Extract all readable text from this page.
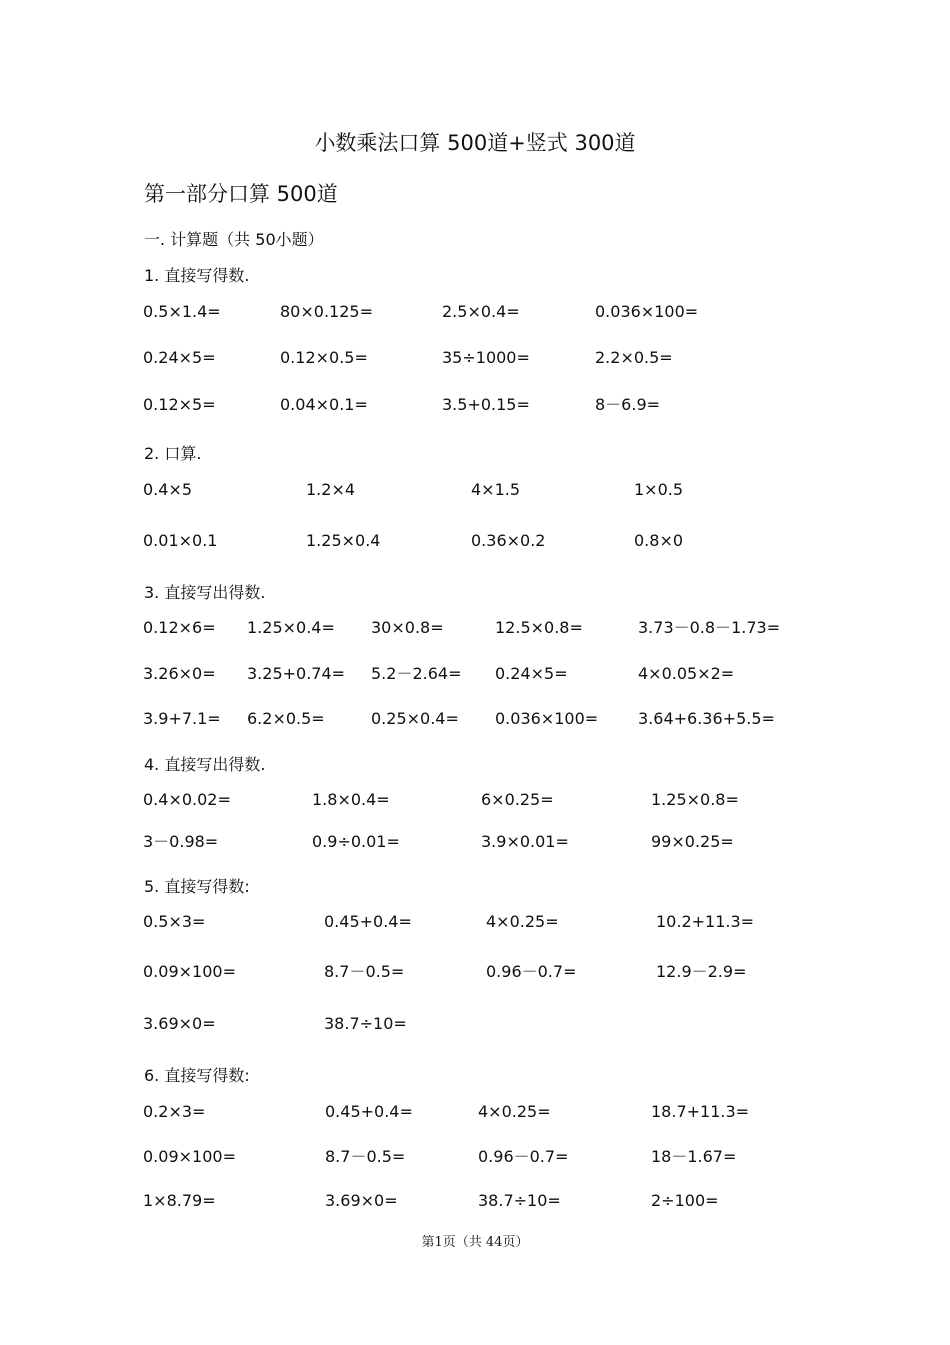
小数乘法口算 500道+竖式 300道
第一部分口算 500道
一. 计算题（共 50小题）
1. 直接写得数.
0.5×1.4=	80×0.125=	2.5×0.4=	0.036×100=
0.24×5=	0.12×0.5=	35÷1000=	2.2×0.5=
0.12×5=	0.04×0.1=	3.5+0.15=	8－6.9=
2. 口算.
0.4×5	1.2×4	4×1.5	1×0.5
0.01×0.1	1.25×0.4	0.36×0.2	0.8×0
3. 直接写出得数.
0.12×6= 1.25×0.4= 30×0.8=	12.5×0.8=	3.73－0.8－1.73=
3.26×0= 3.25+0.74= 5.2－2.64= 0.24×5=	4×0.05×2=
3.9+7.1= 6.2×0.5=	0.25×0.4= 0.036×100= 3.64+6.36+5.5=
4. 直接写出得数.
0.4×0.02=	1.8×0.4=	6×0.25=	1.25×0.8=
3－0.98=	0.9÷0.01=	3.9×0.01=	99×0.25=
5. 直接写得数:
0.5×3=	0.45+0.4=	4×0.25=	10.2+11.3=
0.09×100=	8.7－0.5=	0.96－0.7=	12.9－2.9=
3.69×0=	38.7÷10=
6. 直接写得数:
0.2×3=	0.45+0.4=	4×0.25=	18.7+11.3=
0.09×100=	8.7－0.5=	0.96－0.7=	18－1.67=
1×8.79=	3.69×0=	38.7÷10=	2÷100=
第1页（共 44页）
